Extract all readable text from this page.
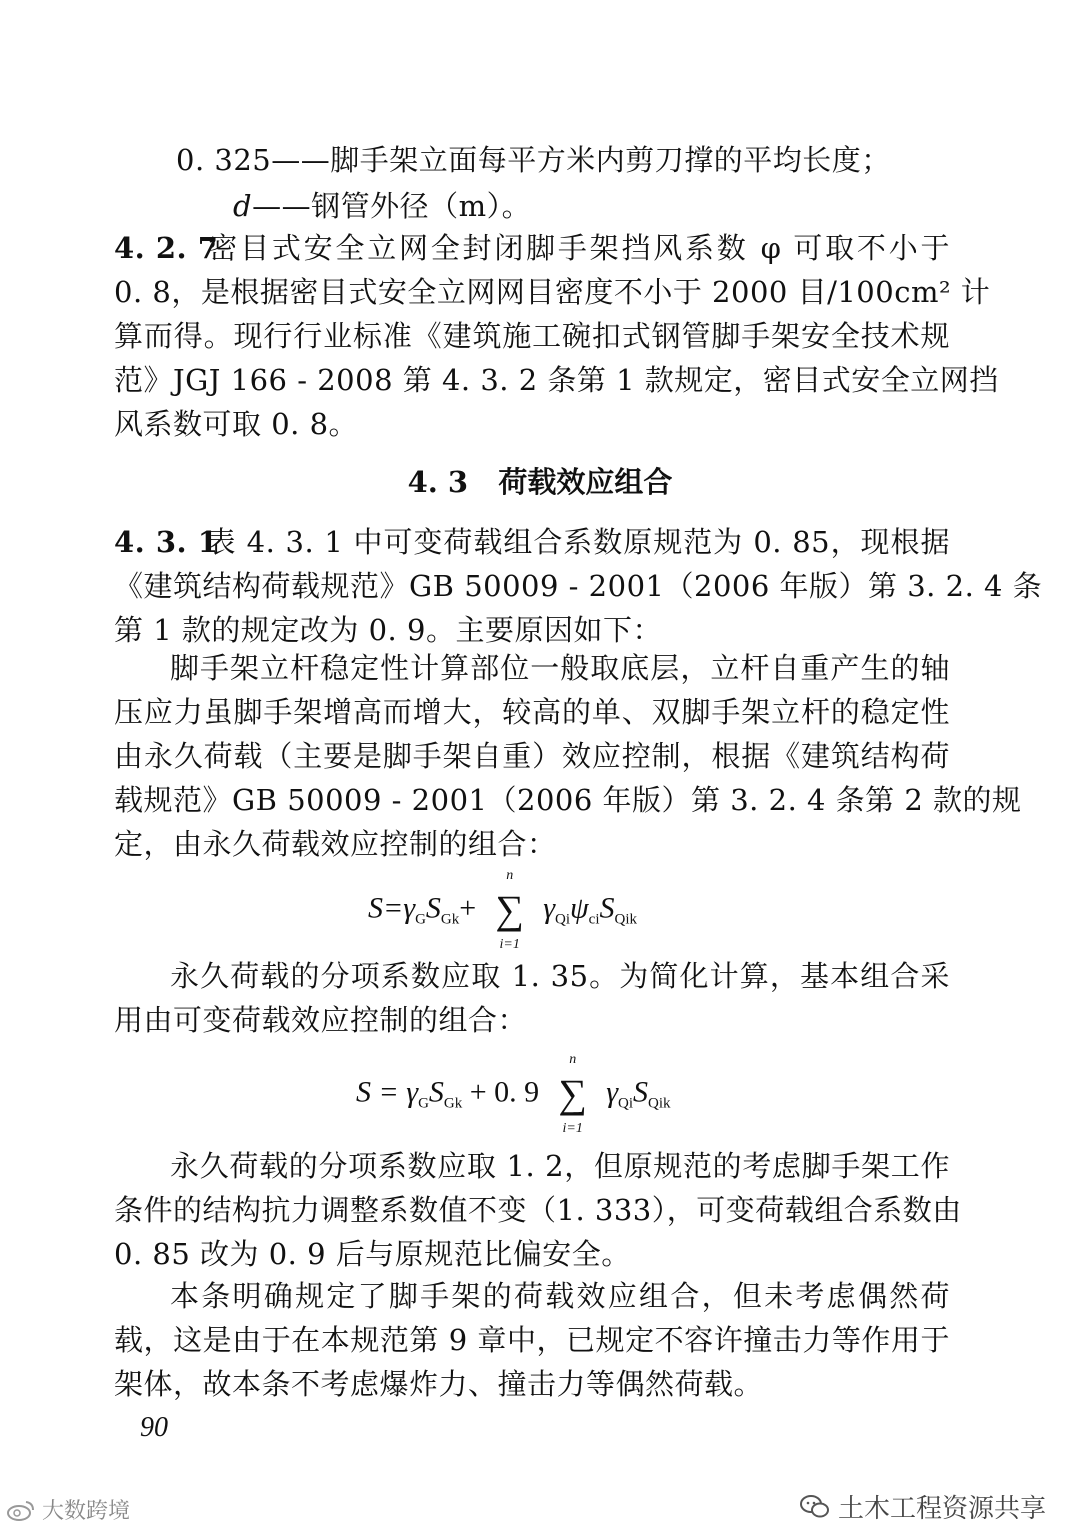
0. 325——脚手架立面每平方米内剪刀撑的平均长度；
d——钢管外径（m）。
4. 2. 7密目式安全立网全封闭脚手架挡风系数 φ 可取不小于
0. 8，是根据密目式安全立网网目密度不小于 2000 目/100cm² 计
算而得。现行行业标准《建筑施工碗扣式钢管脚手架安全技术规
范》JGJ 166 - 2008 第 4. 3. 2 条第 1 款规定，密目式安全立网挡
风系数可取 0. 8。
4. 3 荷载效应组合
4. 3. 1表 4. 3. 1 中可变荷载组合系数原规范为 0. 85，现根据
《建筑结构荷载规范》GB 50009 - 2001（2006 年版）第 3. 2. 4 条
第 1 款的规定改为 0. 9。主要原因如下：
脚手架立杆稳定性计算部位一般取底层，立杆自重产生的轴
压应力虽脚手架增高而增大，较高的单、双脚手架立杆的稳定性
由永久荷载（主要是脚手架自重）效应控制，根据《建筑结构荷
载规范》GB 50009 - 2001（2006 年版）第 3. 2. 4 条第 2 款的规
定，由永久荷载效应控制的组合：
$S=\gamma_GS_{Gk}+$
n
∑
i=1
$\gamma_{Qi}\psi_{ci}S_{Qik}$
永久荷载的分项系数应取 1. 35。为简化计算，基本组合采
用由可变荷载效应控制的组合：
$S = \gamma_GS_{Gk} + 0$. 9
n
∑
i=1
$\gamma_{Qi}S_{Qik}$
永久荷载的分项系数应取 1. 2，但原规范的考虑脚手架工作
条件的结构抗力调整系数值不变（1. 333），可变荷载组合系数由
0. 85 改为 0. 9 后与原规范比偏安全。
本条明确规定了脚手架的荷载效应组合，但未考虑偶然荷
载，这是由于在本规范第 9 章中，已规定不容许撞击力等作用于
架体，故本条不考虑爆炸力、撞击力等偶然荷载。
90
大数跨境	土木工程资源共享
